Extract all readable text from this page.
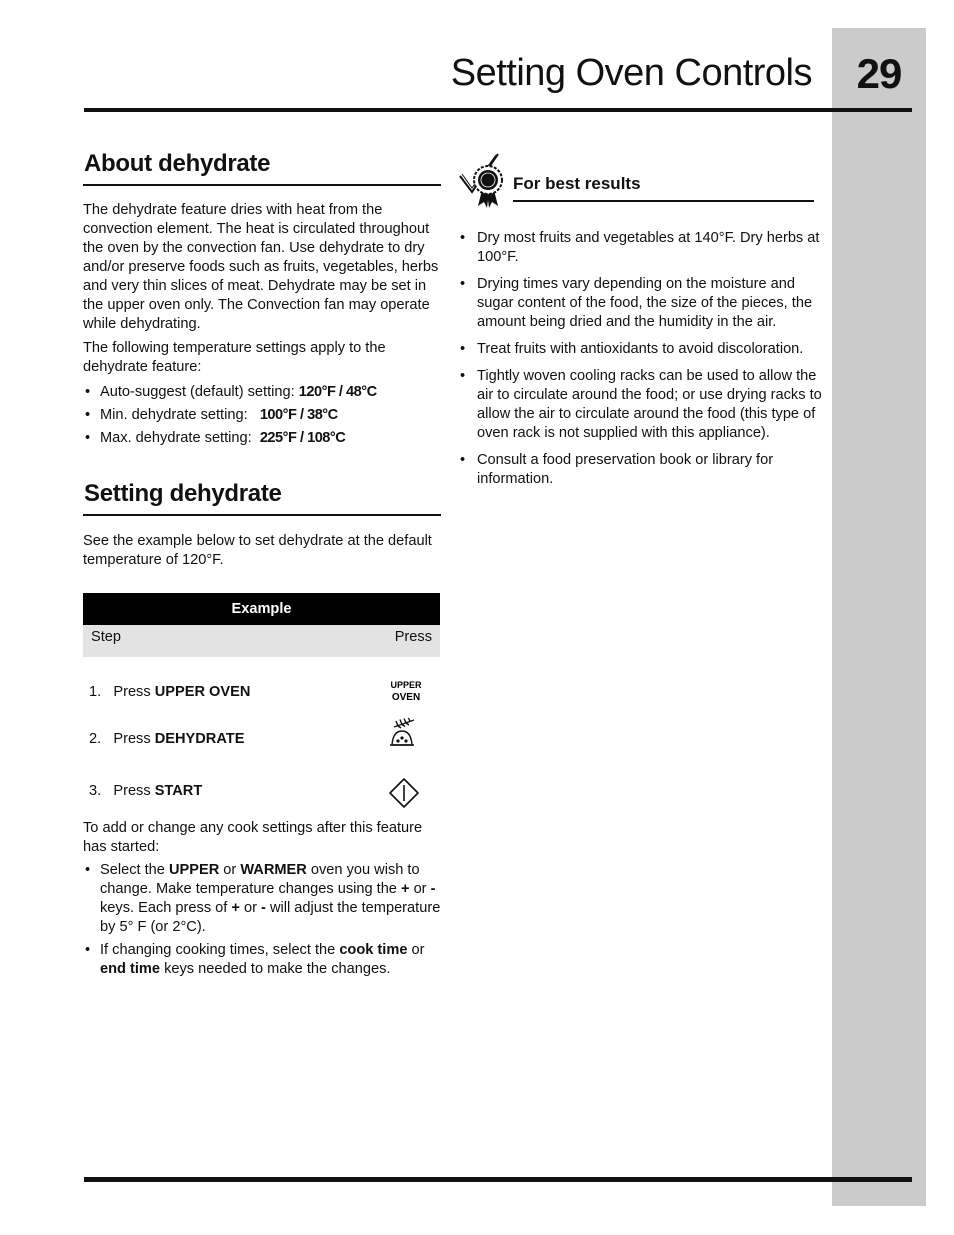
29
Setting Oven Controls
About dehydrate

The dehydrate feature dries with heat from the convection element. The heat is circulated throughout the oven by the convection fan. Use dehydrate to dry and/or preserve foods such as fruits, vegetables, herbs and very thin slices of meat. Dehydrate may be set in the upper oven only. The Convection fan may operate while dehydrating.

The following temperature settings apply to the dehydrate feature:

• Auto-suggest (default) setting: 120°F / 48°C
• Min. dehydrate setting: 100°F / 38°C
• Max. dehydrate setting: 225°F / 108°C
Setting dehydrate

See the example below to set dehydrate at the default temperature of 120°F.

Example
Step	Press
1. Press UPPER OVEN	UPPER
OVEN
2. Press DEHYDRATE
3. Press START

To add or change any cook settings after this feature has started:

• Select the UPPER or WARMER oven you wish to change. Make temperature changes using the + or - keys. Each press of + or - will adjust the temperature by 5° F (or 2°C).
• If changing cooking times, select the cook time or end time keys needed to make the changes.
For best results
• Dry most fruits and vegetables at 140°F. Dry herbs at 100°F.
• Drying times vary depending on the moisture and sugar content of the food, the size of the pieces, the amount being dried and the humidity in the air.
• Treat fruits with antioxidants to avoid discoloration.
• Tightly woven cooling racks can be used to allow the air to circulate around the food; or use drying racks to allow the air to circulate around the food (this type of oven rack is not supplied with this appliance).
• Consult a food preservation book or library for information.
